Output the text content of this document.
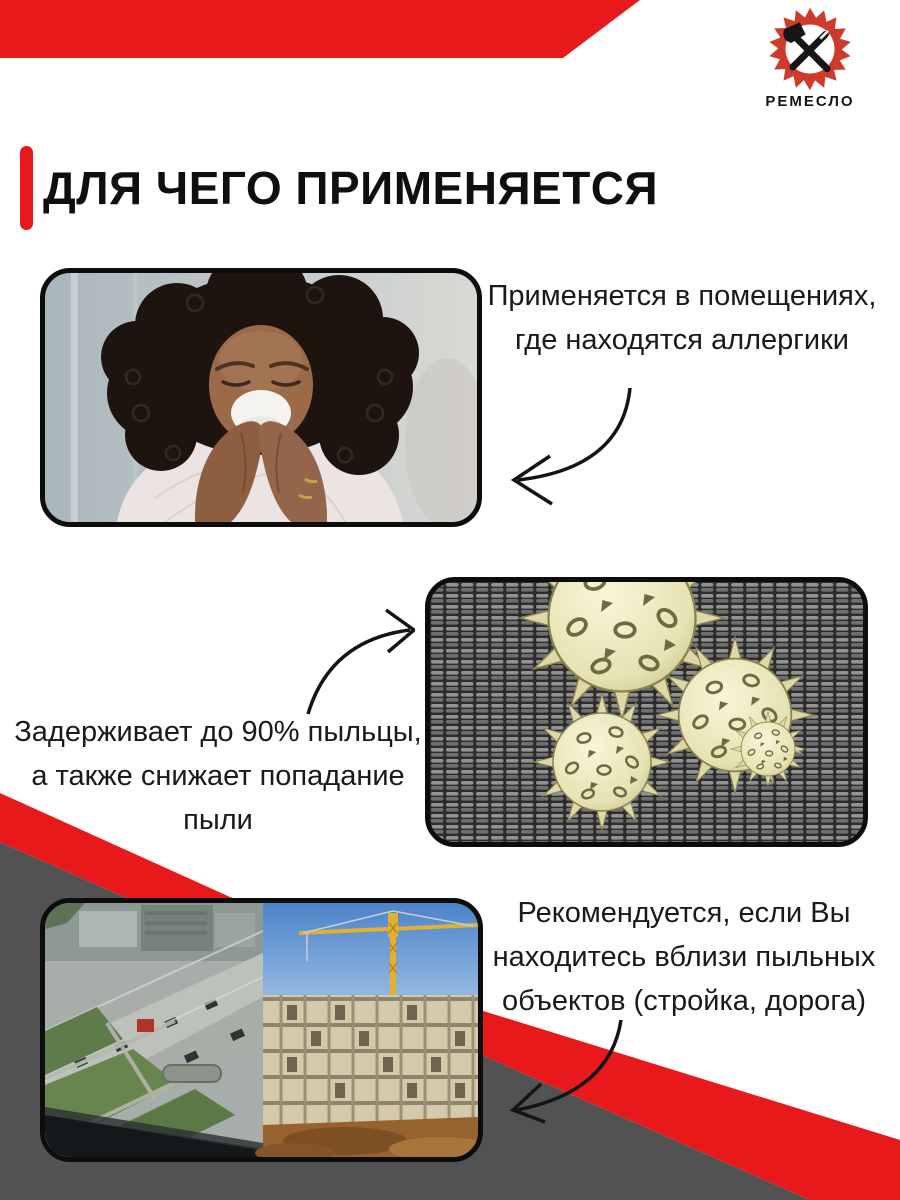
РЕМЕСЛО
ДЛЯ ЧЕГО ПРИМЕНЯЕТСЯ
Применяется в помещениях,
где находятся аллергики
Задерживает до 90% пыльцы,
а также снижает попадание
пыли
Рекомендуется, если Вы
находитесь вблизи пыльных
объектов (стройка, дорога)
